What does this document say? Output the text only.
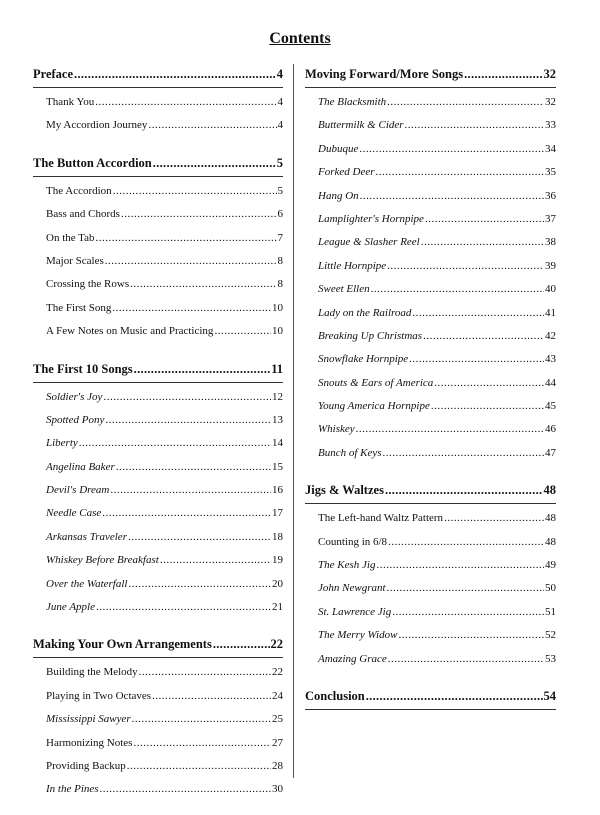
Contents
Preface .....	4
Thank You .....	4
My Accordion Journey .....	4
The Button Accordion .....	5
The Accordion .....	5
Bass and Chords .....	6
On the Tab .....	7
Major Scales .....	8
Crossing the Rows .....	8
The First Song .....	10
A Few Notes on Music and Practicing .....	10
The First 10 Songs .....	11
Soldier's Joy .....	12
Spotted Pony .....	13
Liberty .....	14
Angelina Baker .....	15
Devil's Dream .....	16
Needle Case .....	17
Arkansas Traveler .....	18
Whiskey Before Breakfast .....	19
Over the Waterfall .....	20
June Apple .....	21
Making Your Own Arrangements .....	22
Building the Melody .....	22
Playing in Two Octaves .....	24
Mississippi Sawyer .....	25
Harmonizing Notes .....	27
Providing Backup .....	28
In the Pines .....	30
Moving Forward/More Songs .....	32
The Blacksmith .....	32
Buttermilk & Cider .....	33
Dubuque .....	34
Forked Deer .....	35
Hang On .....	36
Lamplighter's Hornpipe .....	37
League & Slasher Reel .....	38
Little Hornpipe .....	39
Sweet Ellen .....	40
Lady on the Railroad .....	41
Breaking Up Christmas .....	42
Snowflake Hornpipe .....	43
Snouts & Ears of America .....	44
Young America Hornpipe .....	45
Whiskey .....	46
Bunch of Keys .....	47
Jigs & Waltzes .....	48
The Left-hand Waltz Pattern .....	48
Counting in 6/8 .....	48
The Kesh Jig .....	49
John Newgrant .....	50
St. Lawrence Jig .....	51
The Merry Widow .....	52
Amazing Grace .....	53
Conclusion .....	54
